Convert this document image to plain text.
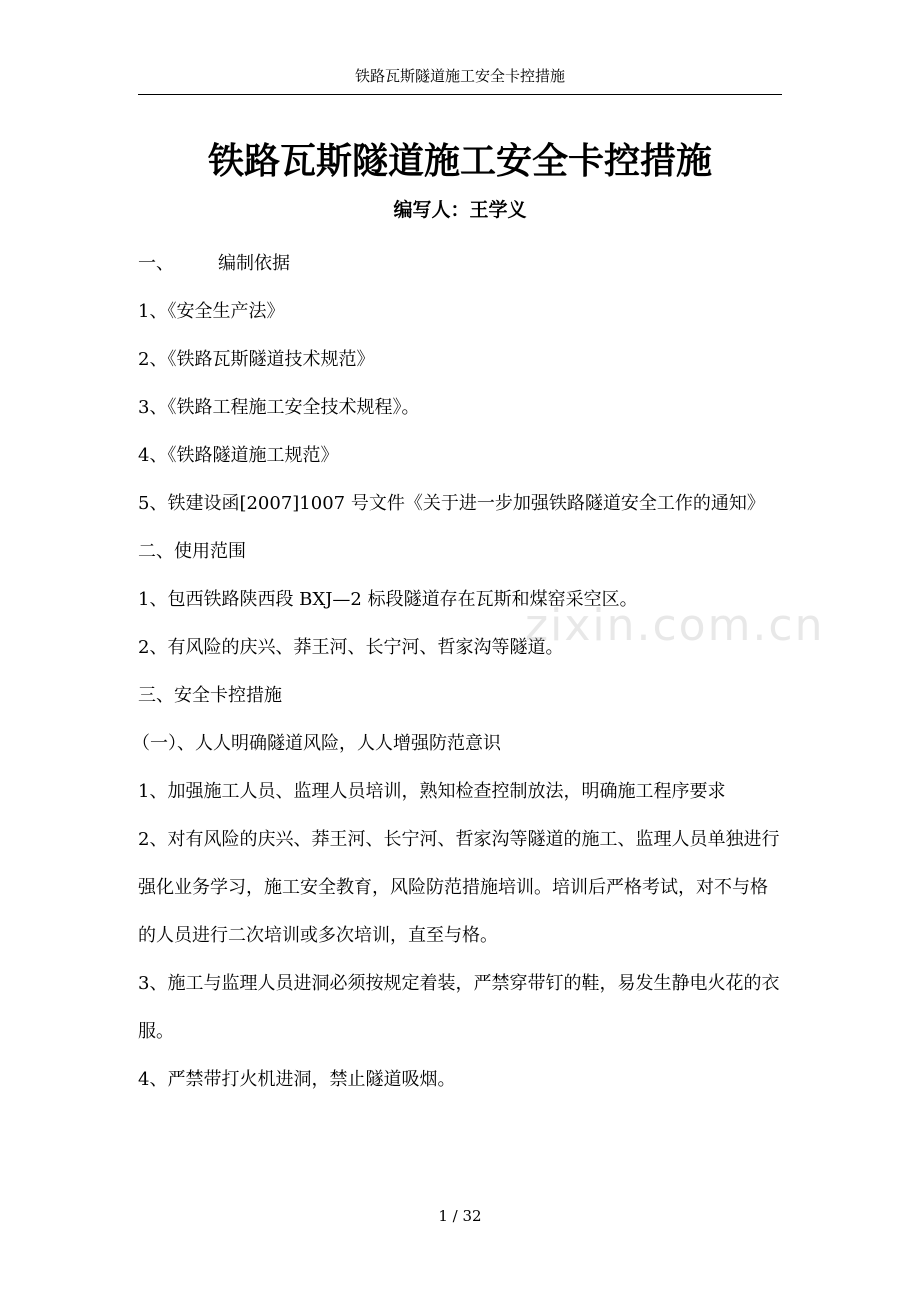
铁路瓦斯隧道施工安全卡控措施
铁路瓦斯隧道施工安全卡控措施
编写人：王学义

一、 编制依据

1、《安全生产法》

2、《铁路瓦斯隧道技术规范》

3、《铁路工程施工安全技术规程》。

4、《铁路隧道施工规范》

5、铁建设函[2007]1007 号文件《关于进一步加强铁路隧道安全工作的通知》

二、使用范围

1、包西铁路陕西段 BXJ—2 标段隧道存在瓦斯和煤窑采空区。

2、有风险的庆兴、莽王河、长宁河、哲家沟等隧道。

三、安全卡控措施

（一）、人人明确隧道风险，人人增强防范意识

1、加强施工人员、监理人员培训，熟知检查控制放法，明确施工程序要求

2、对有风险的庆兴、莽王河、长宁河、哲家沟等隧道的施工、监理人员单独进行强化业务学习，施工安全教育，风险防范措施培训。培训后严格考试，对不与格的人员进行二次培训或多次培训，直至与格。

3、施工与监理人员进洞必须按规定着装，严禁穿带钉的鞋，易发生静电火花的衣服。

4、严禁带打火机进洞，禁止隧道吸烟。

zixin.com.cn
1 / 32
